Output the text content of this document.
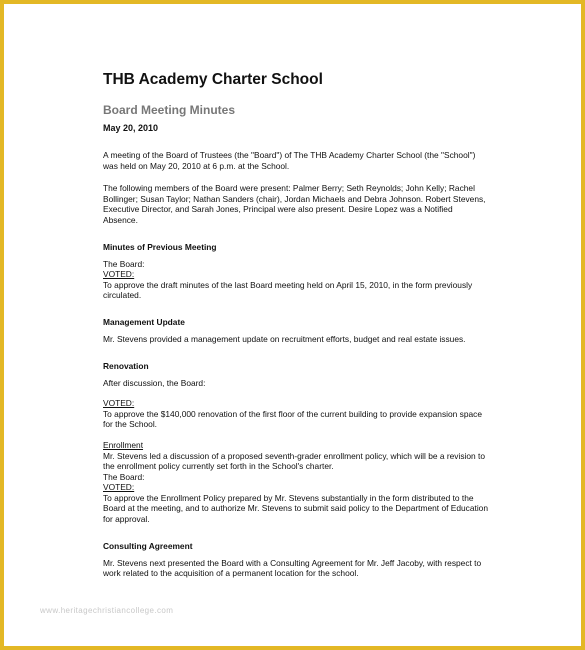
THB Academy Charter School
Board Meeting Minutes
May 20, 2010

A meeting of the Board of Trustees (the "Board") of The THB Academy Charter School (the "School") was held on May 20, 2010 at 6 p.m. at the School.

The following members of the Board were present: Palmer Berry; Seth Reynolds; John Kelly; Rachel Bollinger; Susan Taylor; Nathan Sanders (chair), Jordan Michaels and Debra Johnson. Robert Stevens, Executive Director, and Sarah Jones, Principal were also present. Desire Lopez was a Notified Absence.

Minutes of Previous Meeting

The Board:

VOTED:

To approve the draft minutes of the last Board meeting held on April 15, 2010, in the form previously circulated.

Management Update

Mr. Stevens provided a management update on recruitment efforts, budget and real estate issues.

Renovation

After discussion, the Board:

VOTED:

To approve the $140,000 renovation of the first floor of the current building to provide expansion space for the School.

Enrollment

Mr. Stevens led a discussion of a proposed seventh-grader enrollment policy, which will be a revision to the enrollment policy currently set forth in the School's charter.

The Board:

VOTED:

To approve the Enrollment Policy prepared by Mr. Stevens substantially in the form distributed to the Board at the meeting, and to authorize Mr. Stevens to submit said policy to the Department of Education for approval.

Consulting Agreement

Mr. Stevens next presented the Board with a Consulting Agreement for Mr. Jeff Jacoby, with respect to work related to the acquisition of a permanent location for the school.

www.heritagechristiancollege.com
